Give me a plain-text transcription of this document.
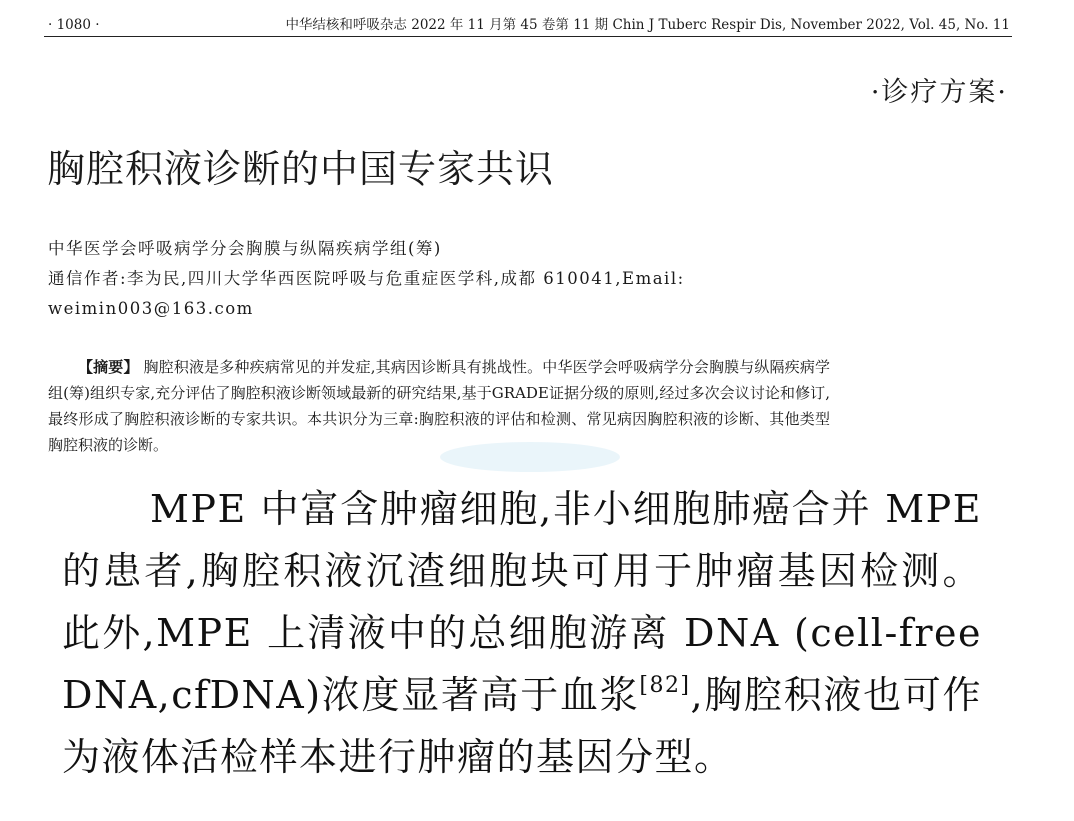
· 1080 ·	中华结核和呼吸杂志 2022 年 11 月第 45 卷第 11 期 Chin J Tuberc Respir Dis, November 2022, Vol. 45, No. 11
·诊疗方案·
胸腔积液诊断的中国专家共识
中华医学会呼吸病学分会胸膜与纵隔疾病学组(筹)
通信作者:李为民,四川大学华西医院呼吸与危重症医学科,成都 610041,Email:
weimin003@163.com

【摘要】 胸腔积液是多种疾病常见的并发症,其病因诊断具有挑战性。中华医学会呼吸病学分会胸膜与纵隔疾病学组(筹)组织专家,充分评估了胸腔积液诊断领域最新的研究结果,基于GRADE证据分级的原则,经过多次会议讨论和修订,最终形成了胸腔积液诊断的专家共识。本共识分为三章:胸腔积液的评估和检测、常见病因胸腔积液的诊断、其他类型胸腔积液的诊断。

MPE 中富含肿瘤细胞,非小细胞肺癌合并 MPE 的患者,胸腔积液沉渣细胞块可用于肿瘤基因检测。此外,MPE 上清液中的总细胞游离 DNA (cell-free DNA,cfDNA)浓度显著高于血浆[82],胸腔积液也可作为液体活检样本进行肿瘤的基因分型。
